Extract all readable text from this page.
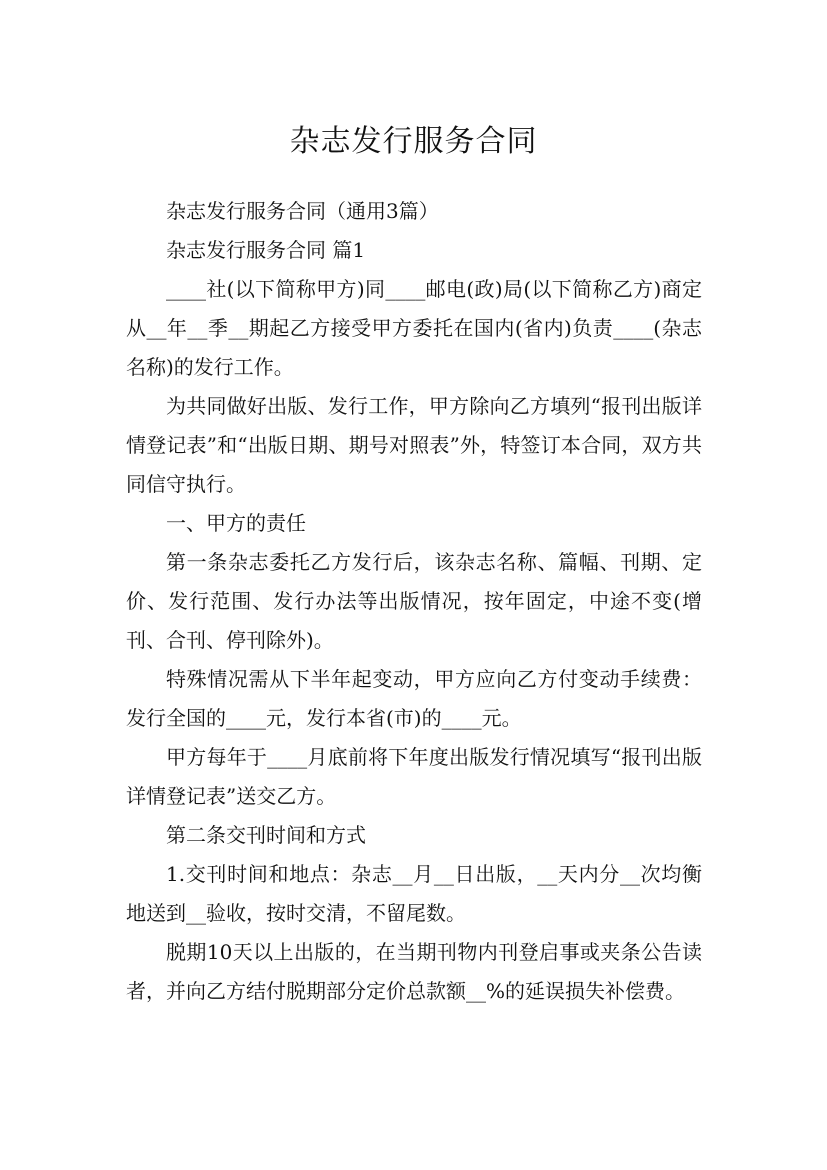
杂志发行服务合同

杂志发行服务合同（通用3篇）

杂志发行服务合同 篇1

____社(以下简称甲方)同____邮电(政)局(以下简称乙方)商定从__年__季__期起乙方接受甲方委托在国内(省内)负责____(杂志名称)的发行工作。

为共同做好出版、发行工作，甲方除向乙方填列“报刊出版详情登记表”和“出版日期、期号对照表”外，特签订本合同，双方共同信守执行。

一、甲方的责任

第一条杂志委托乙方发行后，该杂志名称、篇幅、刊期、定价、发行范围、发行办法等出版情况，按年固定，中途不变(增刊、合刊、停刊除外)。

特殊情况需从下半年起变动，甲方应向乙方付变动手续费：发行全国的____元，发行本省(市)的____元。

甲方每年于____月底前将下年度出版发行情况填写“报刊出版详情登记表”送交乙方。

第二条交刊时间和方式

1.交刊时间和地点：杂志__月__日出版，__天内分__次均衡地送到__验收，按时交清，不留尾数。

脱期10天以上出版的，在当期刊物内刊登启事或夹条公告读者，并向乙方结付脱期部分定价总款额__%的延误损失补偿费。
